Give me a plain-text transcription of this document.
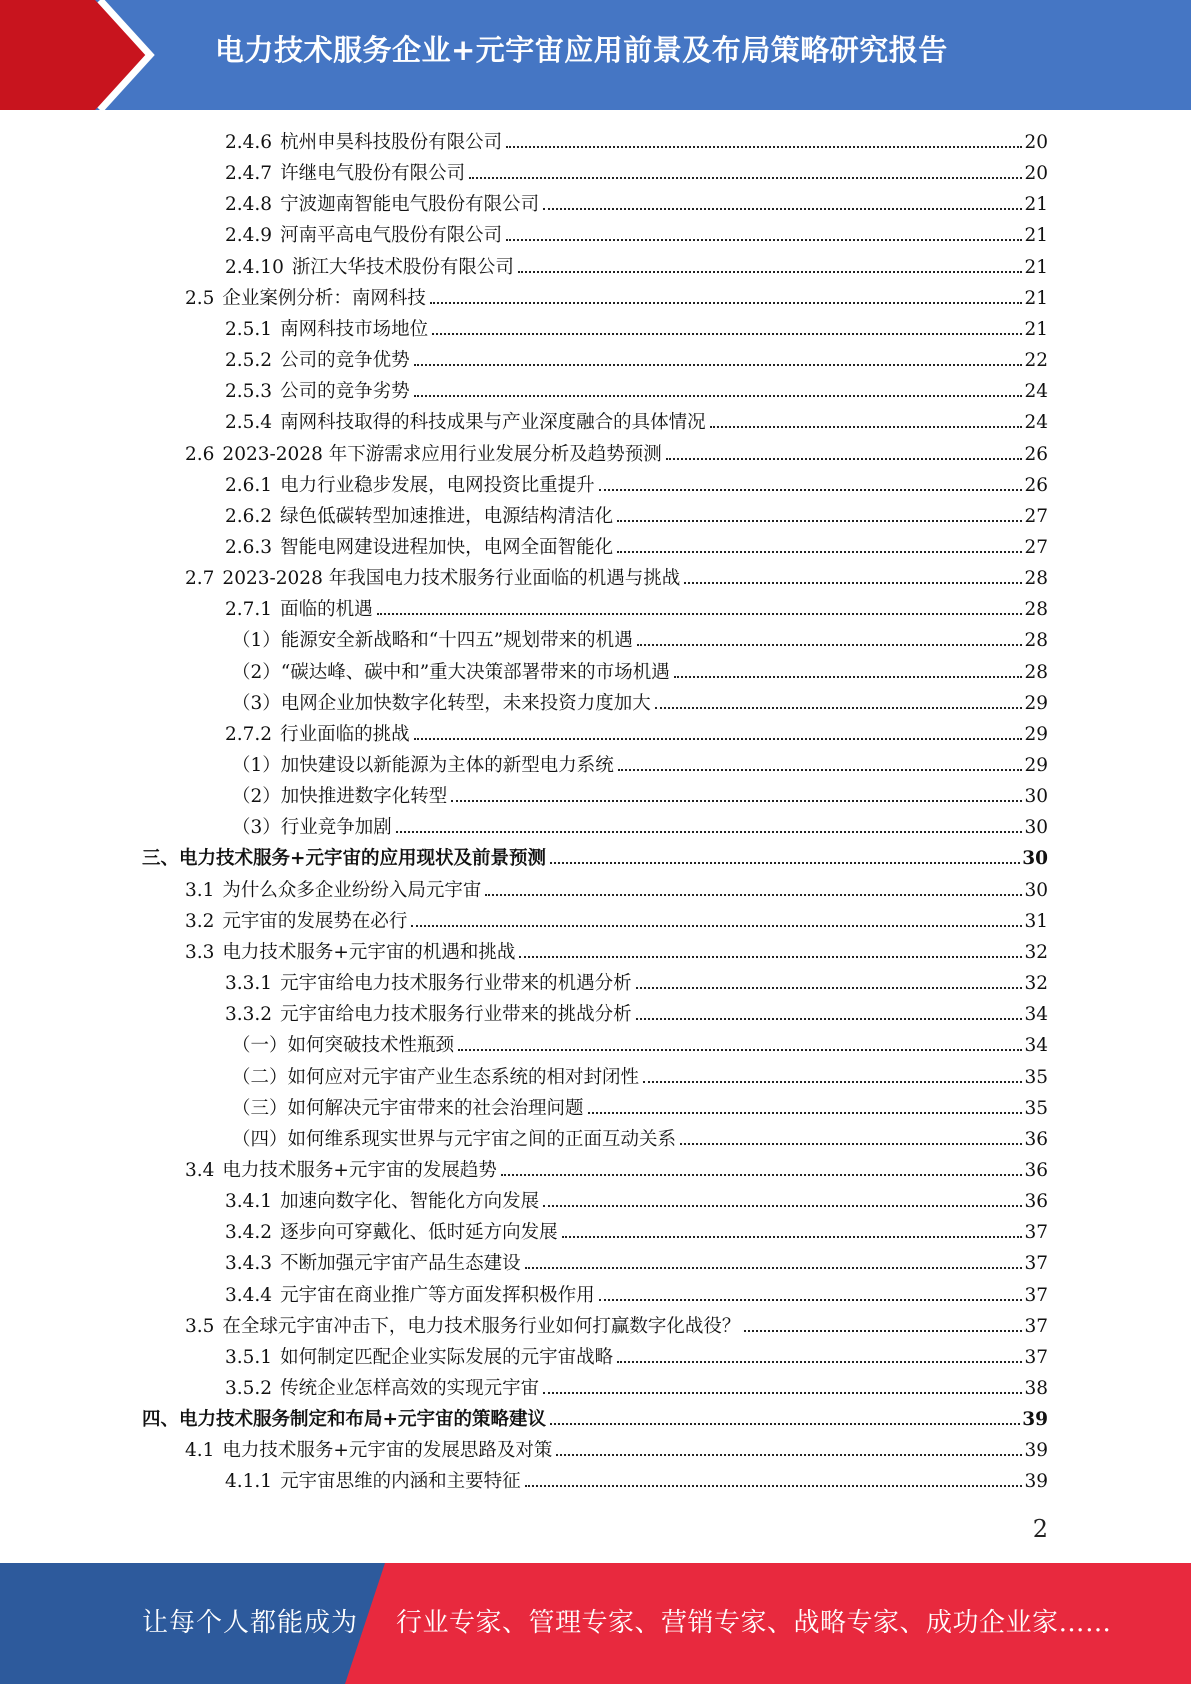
电力技术服务企业+元宇宙应用前景及布局策略研究报告
2.4.6 杭州申昊科技股份有限公司	20
2.4.7 许继电气股份有限公司	20
2.4.8 宁波迦南智能电气股份有限公司	21
2.4.9 河南平高电气股份有限公司	21
2.4.10 浙江大华技术股份有限公司	21
2.5 企业案例分析：南网科技	21
2.5.1 南网科技市场地位	21
2.5.2 公司的竞争优势	22
2.5.3 公司的竞争劣势	24
2.5.4 南网科技取得的科技成果与产业深度融合的具体情况	24
2.6 2023-2028 年下游需求应用行业发展分析及趋势预测	26
2.6.1 电力行业稳步发展，电网投资比重提升	26
2.6.2 绿色低碳转型加速推进，电源结构清洁化	27
2.6.3 智能电网建设进程加快，电网全面智能化	27
2.7 2023-2028 年我国电力技术服务行业面临的机遇与挑战	28
2.7.1 面临的机遇	28
（1）能源安全新战略和“十四五”规划带来的机遇	28
（2）“碳达峰、碳中和”重大决策部署带来的市场机遇	28
（3）电网企业加快数字化转型，未来投资力度加大	29
2.7.2 行业面临的挑战	29
（1）加快建设以新能源为主体的新型电力系统	29
（2）加快推进数字化转型	30
（3）行业竞争加剧	30
三、电力技术服务+元宇宙的应用现状及前景预测	30
3.1 为什么众多企业纷纷入局元宇宙	30
3.2 元宇宙的发展势在必行	31
3.3 电力技术服务+元宇宙的机遇和挑战	32
3.3.1 元宇宙给电力技术服务行业带来的机遇分析	32
3.3.2 元宇宙给电力技术服务行业带来的挑战分析	34
（一）如何突破技术性瓶颈	34
（二）如何应对元宇宙产业生态系统的相对封闭性	35
（三）如何解决元宇宙带来的社会治理问题	35
（四）如何维系现实世界与元宇宙之间的正面互动关系	36
3.4 电力技术服务+元宇宙的发展趋势	36
3.4.1 加速向数字化、智能化方向发展	36
3.4.2 逐步向可穿戴化、低时延方向发展	37
3.4.3 不断加强元宇宙产品生态建设	37
3.4.4 元宇宙在商业推广等方面发挥积极作用	37
3.5 在全球元宇宙冲击下，电力技术服务行业如何打赢数字化战役？	37
3.5.1 如何制定匹配企业实际发展的元宇宙战略	37
3.5.2 传统企业怎样高效的实现元宇宙	38
四、电力技术服务制定和布局+元宇宙的策略建议	39
4.1 电力技术服务+元宇宙的发展思路及对策	39
4.1.1 元宇宙思维的内涵和主要特征	39
2
让每个人都能成为 行业专家、管理专家、营销专家、战略专家、成功企业家……
